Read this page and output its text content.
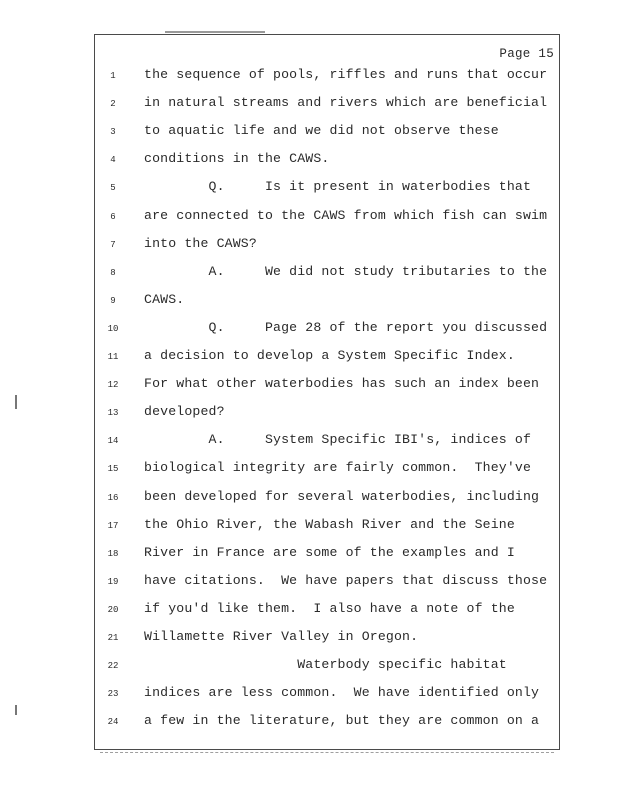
Page 15
1	the sequence of pools, riffles and runs that occur
2	in natural streams and rivers which are beneficial
3	to aquatic life and we did not observe these
4	conditions in the CAWS.
5	Q.     Is it present in waterbodies that
6	are connected to the CAWS from which fish can swim
7	into the CAWS?
8	A.     We did not study tributaries to the
9	CAWS.
10	Q.     Page 28 of the report you discussed
11	a decision to develop a System Specific Index.
12	For what other waterbodies has such an index been
13	developed?
14	A.     System Specific IBI's, indices of
15	biological integrity are fairly common.  They've
16	been developed for several waterbodies, including
17	the Ohio River, the Wabash River and the Seine
18	River in France are some of the examples and I
19	have citations.  We have papers that discuss those
20	if you'd like them.  I also have a note of the
21	Willamette River Valley in Oregon.
22	Waterbody specific habitat
23	indices are less common.  We have identified only
24	a few in the literature, but they are common on a
